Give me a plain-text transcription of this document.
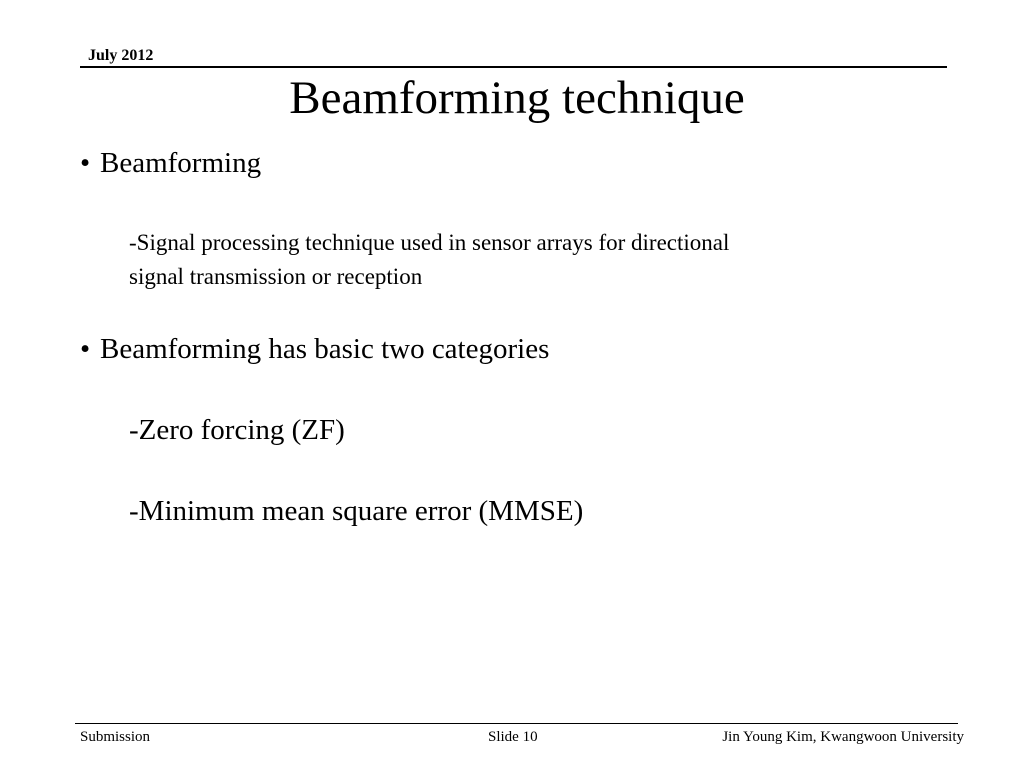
July 2012
Beamforming technique
• Beamforming
-Signal processing technique used in sensor arrays for directional
signal transmission or reception
• Beamforming has basic two categories
-Zero forcing (ZF)
-Minimum mean square error (MMSE)
Submission	Slide 10	Jin Young Kim, Kwangwoon University
